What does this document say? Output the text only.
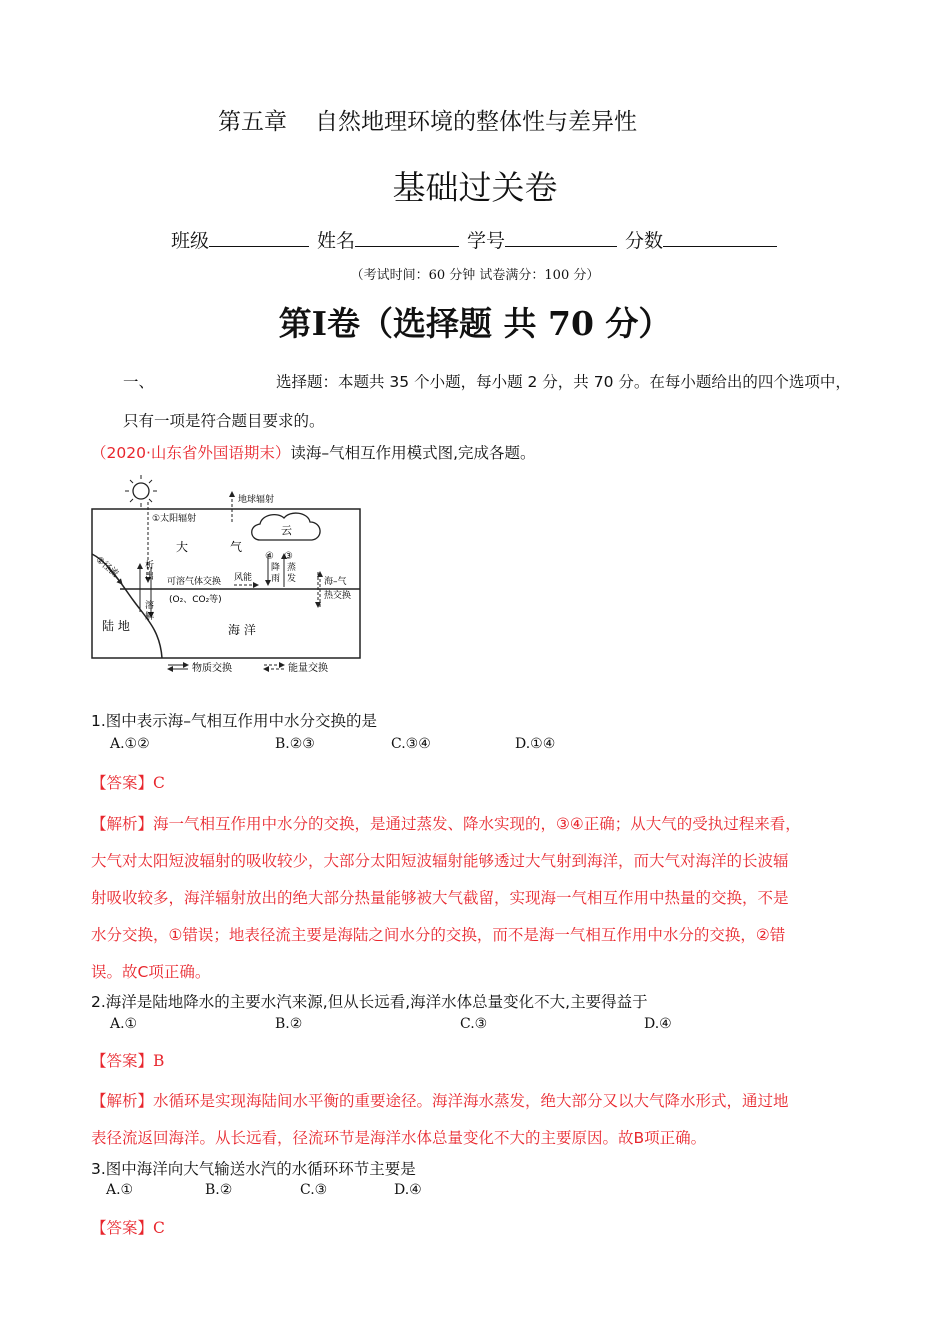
第五章 自然地理环境的整体性与差异性
基础过关卷
班级	姓名	学号	分数
（考试时间：60 分钟 试卷满分：100 分）
第I卷（选择题 共 70 分）
一、	选择题：本题共 35 个小题，每小题 2 分，共 70 分。在每小题给出的四个选项中，
只有一项是符合题目要求的。
（2020·山东省外国语期末）读海–气相互作用模式图,完成各题。
①太阳辐射
地球辐射
云
大	气
②径流	析出
溶解
可溶气体交换
(O₂、CO₂等)
风能
④
降雨
③
蒸发	海–气
热交换
陆 地	海 洋
物质交换	能量交换
1.图中表示海–气相互作用中水分交换的是
A.①②	B.②③	C.③④	D.①④
【答案】C
【解析】海一气相互作用中水分的交换，是通过蒸发、降水实现的，③④正确；从大气的受执过程来看，
大气对太阳短波辐射的吸收较少，大部分太阳短波辐射能够透过大气射到海洋，而大气对海洋的长波辐
射吸收较多，海洋辐射放出的绝大部分热量能够被大气截留，实现海一气相互作用中热量的交换，不是
水分交换，①错误；地表径流主要是海陆之间水分的交换，而不是海一气相互作用中水分的交换，②错
误。故C项正确。
2.海洋是陆地降水的主要水汽来源,但从长远看,海洋水体总量变化不大,主要得益于
A.①	B.②	C.③	D.④
【答案】B
【解析】水循环是实现海陆间水平衡的重要途径。海洋海水蒸发，绝大部分又以大气降水形式，通过地
表径流返回海洋。从长远看，径流环节是海洋水体总量变化不大的主要原因。故B项正确。
3.图中海洋向大气输送水汽的水循环环节主要是
A.①	B.②	C.③	D.④
【答案】C
